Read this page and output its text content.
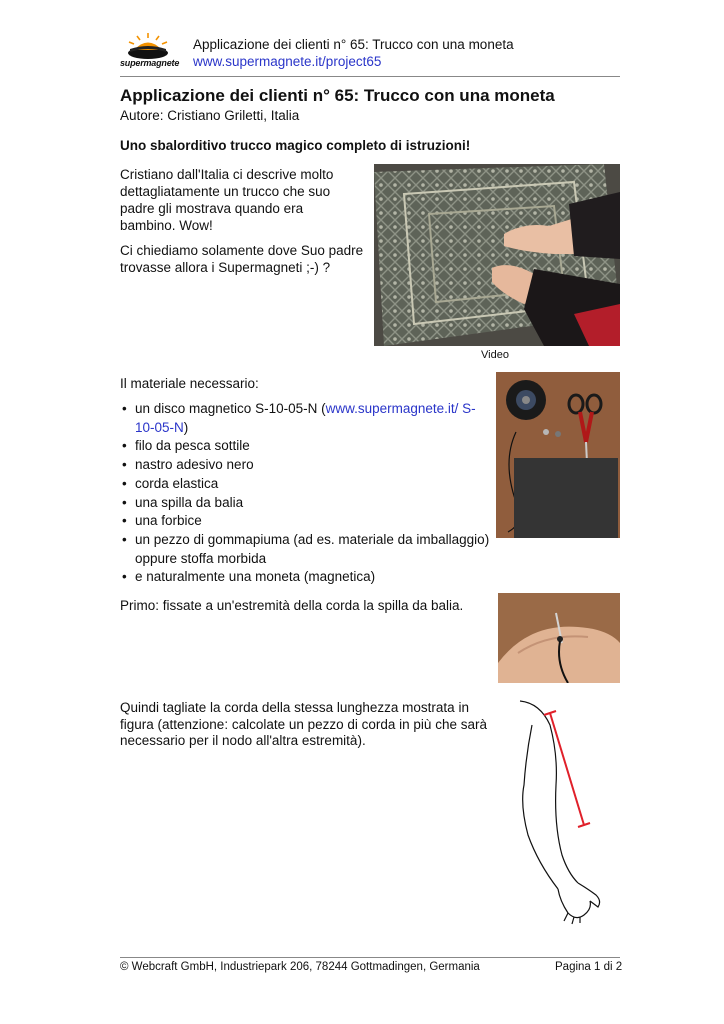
supermagnete
Applicazione dei clienti n° 65: Trucco con una moneta
www.supermagnete.it/project65
Applicazione dei clienti n° 65: Trucco con una moneta
Autore: Cristiano Griletti, Italia
Uno sbalorditivo trucco magico completo di istruzioni!
Cristiano dall'Italia ci descrive molto dettagliatamente un trucco che suo padre gli mostrava quando era bambino. Wow!
Ci chiediamo solamente dove Suo padre trovasse allora i Supermagneti ;-) ?
Video
Il materiale necessario:
• un disco magnetico S-10-05-N (www.supermagnete.it/ S-10-05-N)
• filo da pesca sottile
• nastro adesivo nero
• corda elastica
• una spilla da balia
• una forbice
• un pezzo di gommapiuma (ad es. materiale da imballaggio) oppure stoffa morbida
• e naturalmente una moneta (magnetica)
Primo: fissate a un'estremità della corda la spilla da balia.
Quindi tagliate la corda della stessa lunghezza mostrata in figura (attenzione: calcolate un pezzo di corda in più che sarà necessario per il nodo all'altra estremità).
© Webcraft GmbH, Industriepark 206, 78244 Gottmadingen, Germania	Pagina 1 di 2
